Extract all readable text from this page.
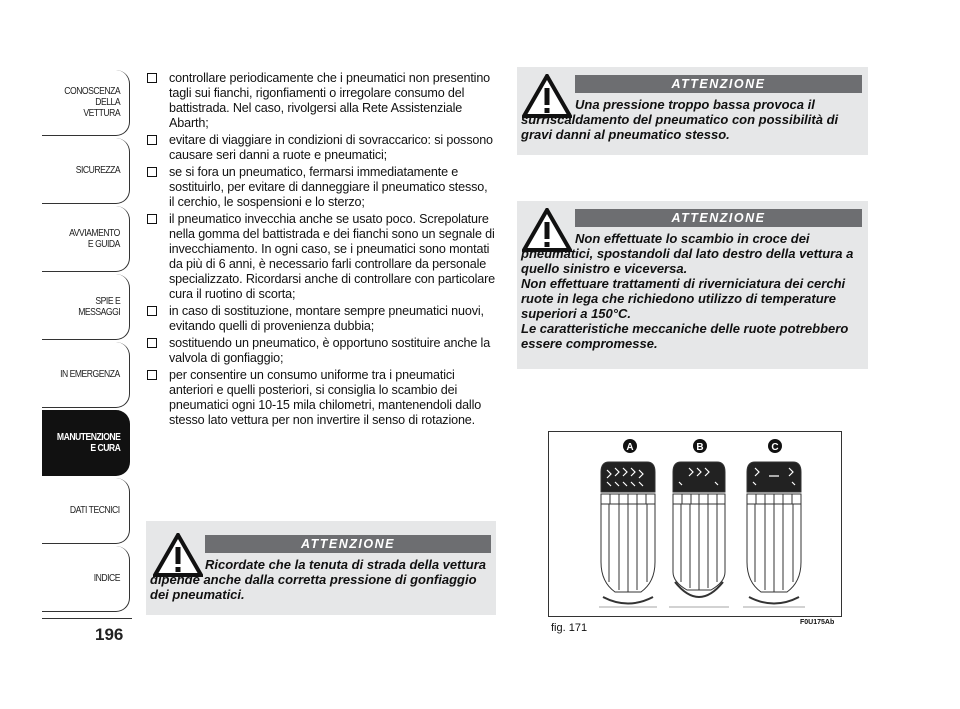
CONOSCENZA
DELLA
VETTURA
SICUREZZA
AVVIAMENTO
E GUIDA
SPIE E
MESSAGGI
IN EMERGENZA
MANUTENZIONE
E CURA
DATI TECNICI
INDICE
196
controllare periodicamente che i pneumatici non presentino tagli sui fianchi, rigonfiamenti o irregolare consumo del battistrada. Nel caso, rivolgersi alla Rete Assistenziale Abarth;
evitare di viaggiare in condizioni di sovraccarico: si possono causare seri danni a ruote e pneumatici;
se si fora un pneumatico, fermarsi immediatamente e sostituirlo, per evitare di danneggiare il pneumatico stesso, il cerchio, le sospensioni e lo sterzo;
il pneumatico invecchia anche se usato poco. Screpolature nella gomma del battistrada e dei fianchi sono un segnale di invecchiamento. In ogni caso, se i pneumatici sono montati da più di 6 anni, è necessario farli controllare da personale specializzato. Ricordarsi anche di controllare con particolare cura il ruotino di scorta;
in caso di sostituzione, montare sempre pneumatici nuovi, evitando quelli di provenienza dubbia;
sostituendo un pneumatico, è opportuno sostituire anche la valvola di gonfiaggio;
per consentire un consumo uniforme tra i pneumatici anteriori e quelli posteriori, si consiglia lo scambio dei pneumatici ogni 10-15 mila chilometri, mantenendoli dallo stesso lato vettura per non invertire il senso di rotazione.
ATTENZIONE
Ricordate che la tenuta di strada della vettura dipende anche dalla corretta pressione di gonfiaggio dei pneumatici.
ATTENZIONE
Una pressione troppo bassa provoca il surriscaldamento del pneumatico con possibilità di gravi danni al pneumatico stesso.
ATTENZIONE
Non effettuate lo scambio in croce dei pneumatici, spostandoli dal lato destro della vettura a quello sinistro e viceversa.
Non effettuare trattamenti di riverniciatura dei cerchi ruote in lega che richiedono utilizzo di temperature superiori a 150°C.
Le caratteristiche meccaniche delle ruote potrebbero essere compromesse.
A	B	C
F0U175Ab
fig. 171
